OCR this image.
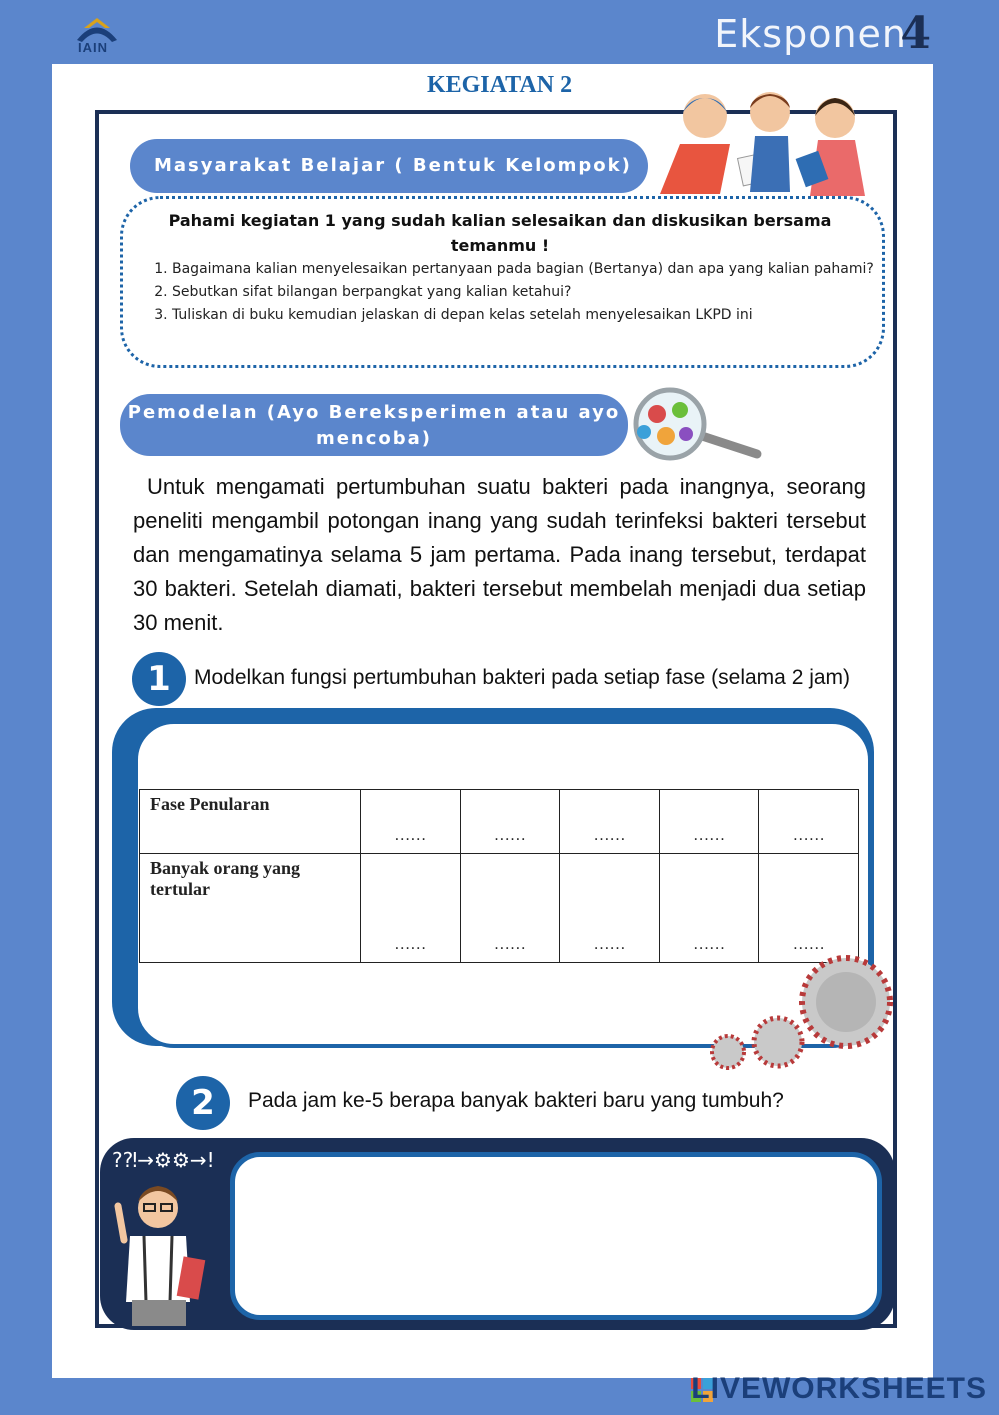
IAIN	Eksponen
4
KEGIATAN 2
Masyarakat Belajar ( Bentuk Kelompok)
Pahami kegiatan 1 yang sudah kalian selesaikan dan diskusikan bersama temanmu !
1. Bagaimana kalian menyelesaikan pertanyaan pada bagian (Bertanya) dan apa yang kalian pahami?
2. Sebutkan sifat bilangan berpangkat yang kalian ketahui?
3. Tuliskan di buku kemudian jelaskan di depan kelas setelah menyelesaikan LKPD ini
Pemodelan (Ayo Bereksperimen atau ayo mencoba)
Untuk mengamati pertumbuhan suatu bakteri pada inangnya, seorang peneliti mengambil potongan inang yang sudah terinfeksi bakteri tersebut dan mengamatinya selama 5 jam pertama. Pada inang tersebut, terdapat 30 bakteri. Setelah diamati, bakteri tersebut membelah menjadi dua setiap 30 menit.
1	Modelkan fungsi pertumbuhan bakteri pada setiap fase (selama 2 jam)
Fase Penularan	……	……	……	……	……
Banyak orang yang tertular	……	……	……	……	……
2	Pada jam ke-5 berapa banyak bakteri baru yang tumbuh?
?⁈→⚙⚙→!
LIVEWORKSHEETS
